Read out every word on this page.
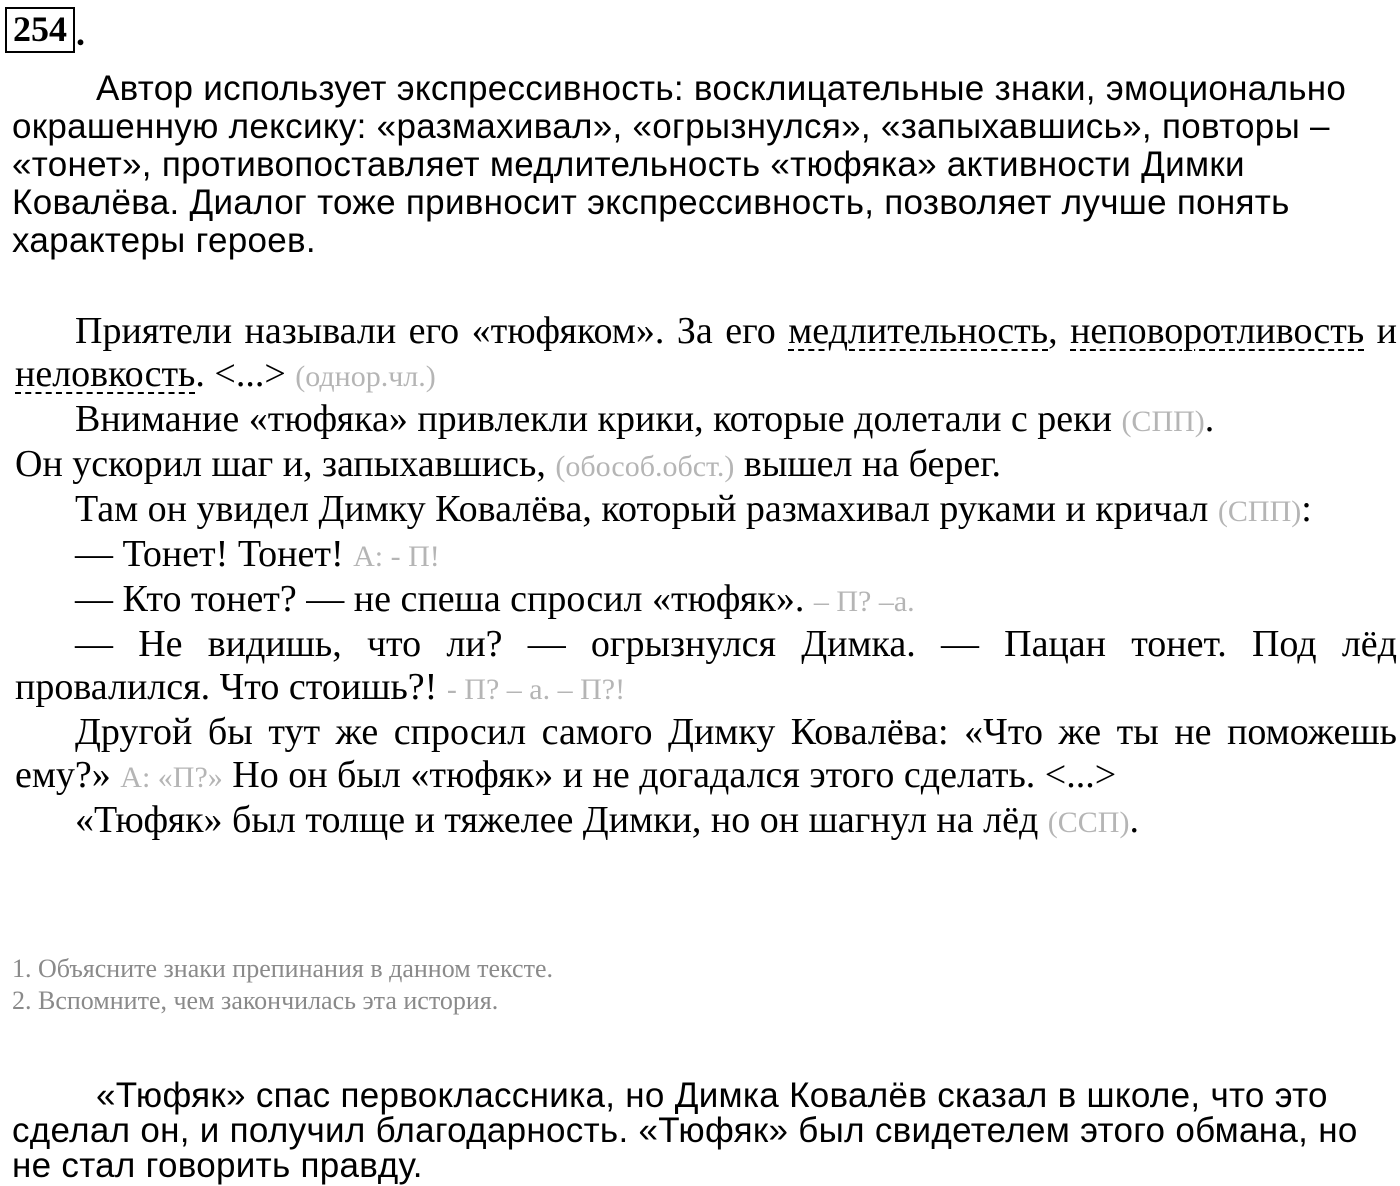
254 .

Автор использует экспрессивность: восклицательные знаки, эмоционально окрашенную лексику: «размахивал», «огрызнулся», «запыхавшись», повторы – «тонет», противопоставляет медлительность «тюфяка» активности Димки Ковалёва. Диалог тоже привносит экспрессивность, позволяет лучше понять характеры героев.

Приятели называли его «тюфяком». За его медлительность, неповоротливость и неловкость. <...> (однор.чл.)

Внимание «тюфяка» привлекли крики, которые долетали с реки (СПП).

Он ускорил шаг и, запыхавшись, (обособ.обст.) вышел на берег.

Там он увидел Димку Ковалёва, который размахивал руками и кричал (СПП):

— Тонет! Тонет! А: - П!

— Кто тонет? — не спеша спросил «тюфяк». – П? –а.

— Не видишь, что ли? — огрызнулся Димка. — Пацан тонет. Под лёд провалился. Что стоишь?! - П? – а. – П?!

Другой бы тут же спросил самого Димку Ковалёва: «Что же ты не поможешь ему?» А: «П?» Но он был «тюфяк» и не догадался этого сделать. <...>

«Тюфяк» был толще и тяжелее Димки, но он шагнул на лёд (ССП).

1. Объясните знаки препинания в данном тексте.
2. Вспомните, чем закончилась эта история.

«Тюфяк» спас первоклассника, но Димка Ковалёв сказал в школе, что это сделал он, и получил благодарность. «Тюфяк» был свидетелем этого обмана, но не стал говорить правду.
